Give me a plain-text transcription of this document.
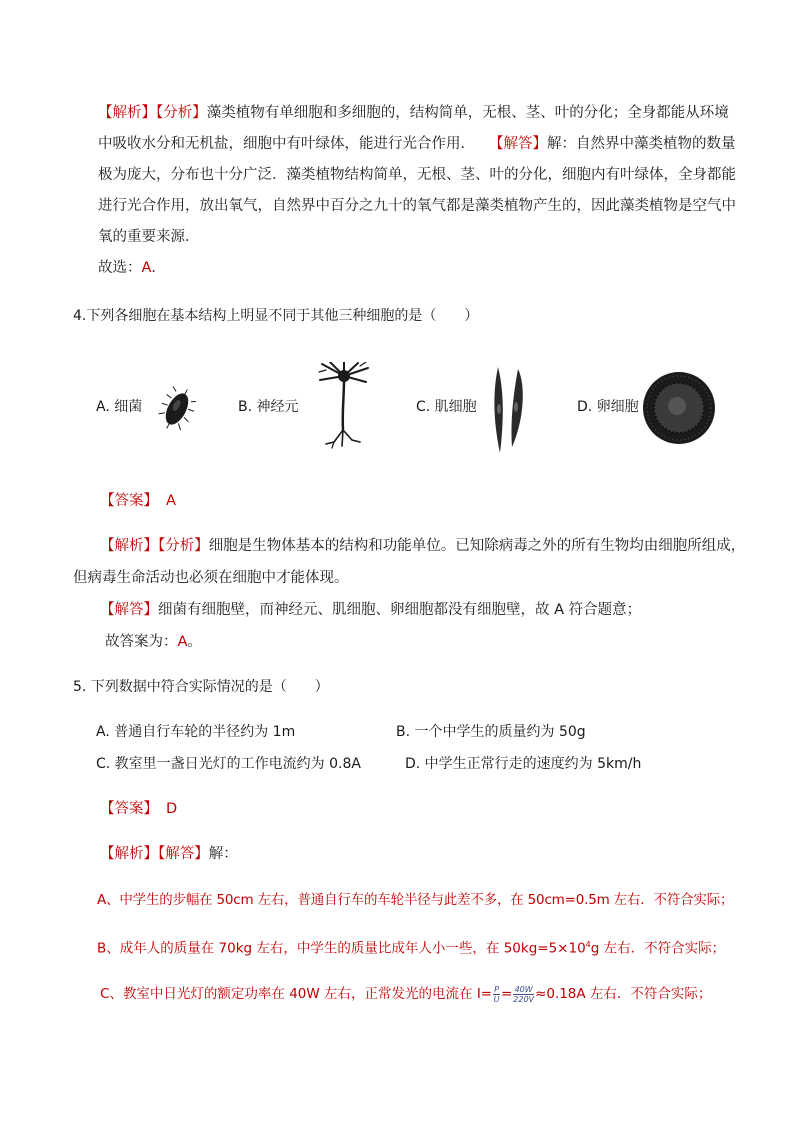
【解析】【分析】藻类植物有单细胞和多细胞的，结构简单，无根、茎、叶的分化；全身都能从环境
中吸收水分和无机盐，细胞中有叶绿体，能进行光合作用． 【解答】解：自然界中藻类植物的数量
极为庞大，分布也十分广泛．藻类植物结构简单，无根、茎、叶的分化，细胞内有叶绿体，全身都能
进行光合作用，放出氧气，自然界中百分之九十的氧气都是藻类植物产生的，因此藻类植物是空气中
氧的重要来源．
故选：A．
4.下列各细胞在基本结构上明显不同于其他三种细胞的是（　　）
A. 细菌	B. 神经元	C. 肌细胞	D. 卵细胞
【答案】 A
【解析】【分析】细胞是生物体基本的结构和功能单位。已知除病毒之外的所有生物均由细胞所组成，
但病毒生命活动也必须在细胞中才能体现。
【解答】细菌有细胞壁，而神经元、肌细胞、卵细胞都没有细胞壁，故 A 符合题意；
故答案为：A。
5. 下列数据中符合实际情况的是（　　）
A. 普通自行车轮的半径约为 1m	B. 一个中学生的质量约为 50g
C. 教室里一盏日光灯的工作电流约为 0.8A	D. 中学生正常行走的速度约为 5km/h
【答案】 D
【解析】【解答】解：
A、中学生的步幅在 50cm 左右，普通自行车的车轮半径与此差不多，在 50cm=0.5m 左右．不符合实际；
B、成年人的质量在 70kg 左右，中学生的质量比成年人小一些，在 $50kg=5\times 10^4g$ 左右．不符合实际；
C、教室中日光灯的额定功率在 40W 左右，正常发光的电流在 $I= \frac{P}{U} = \frac{40W}{220V} \approx 0.18A$ 左右．不符合实际；
